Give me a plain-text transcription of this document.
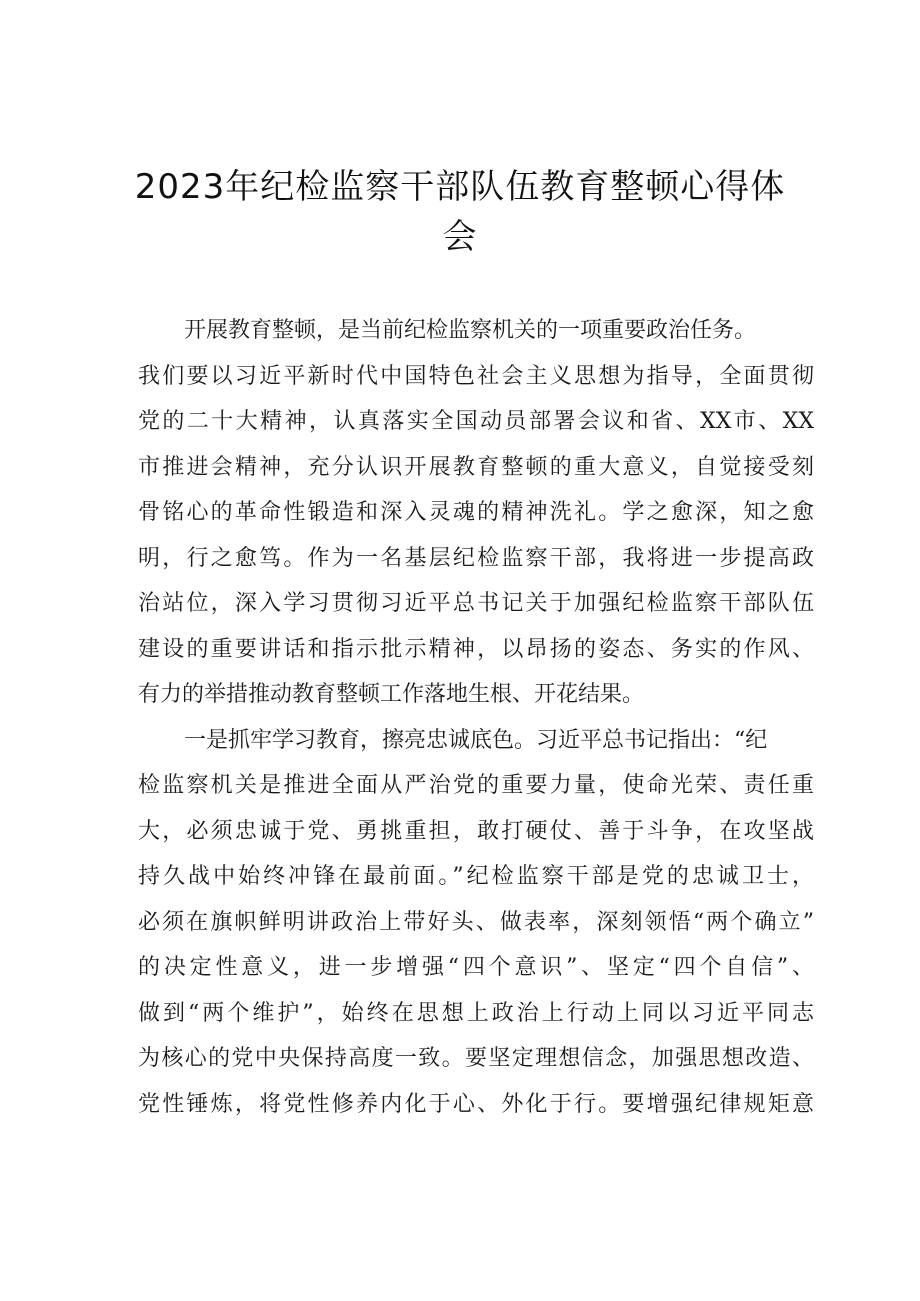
2023年纪检监察干部队伍教育整顿心得体
会
开展教育整顿，是当前纪检监察机关的一项重要政治任务。
我们要以习近平新时代中国特色社会主义思想为指导，全面贯彻
党的二十大精神，认真落实全国动员部署会议和省、XX市、XX
市推进会精神，充分认识开展教育整顿的重大意义，自觉接受刻
骨铭心的革命性锻造和深入灵魂的精神洗礼。学之愈深，知之愈
明，行之愈笃。作为一名基层纪检监察干部，我将进一步提高政
治站位，深入学习贯彻习近平总书记关于加强纪检监察干部队伍
建设的重要讲话和指示批示精神，以昂扬的姿态、务实的作风、
有力的举措推动教育整顿工作落地生根、开花结果。
一是抓牢学习教育，擦亮忠诚底色。习近平总书记指出：“纪
检监察机关是推进全面从严治党的重要力量，使命光荣、责任重
大，必须忠诚于党、勇挑重担，敢打硬仗、善于斗争，在攻坚战
持久战中始终冲锋在最前面。”纪检监察干部是党的忠诚卫士，
必须在旗帜鲜明讲政治上带好头、做表率，深刻领悟“两个确立”
的决定性意义，进一步增强“四个意识”、坚定“四个自信”、
做到“两个维护”，始终在思想上政治上行动上同以习近平同志
为核心的党中央保持高度一致。要坚定理想信念，加强思想改造、
党性锤炼，将党性修养内化于心、外化于行。要增强纪律规矩意
